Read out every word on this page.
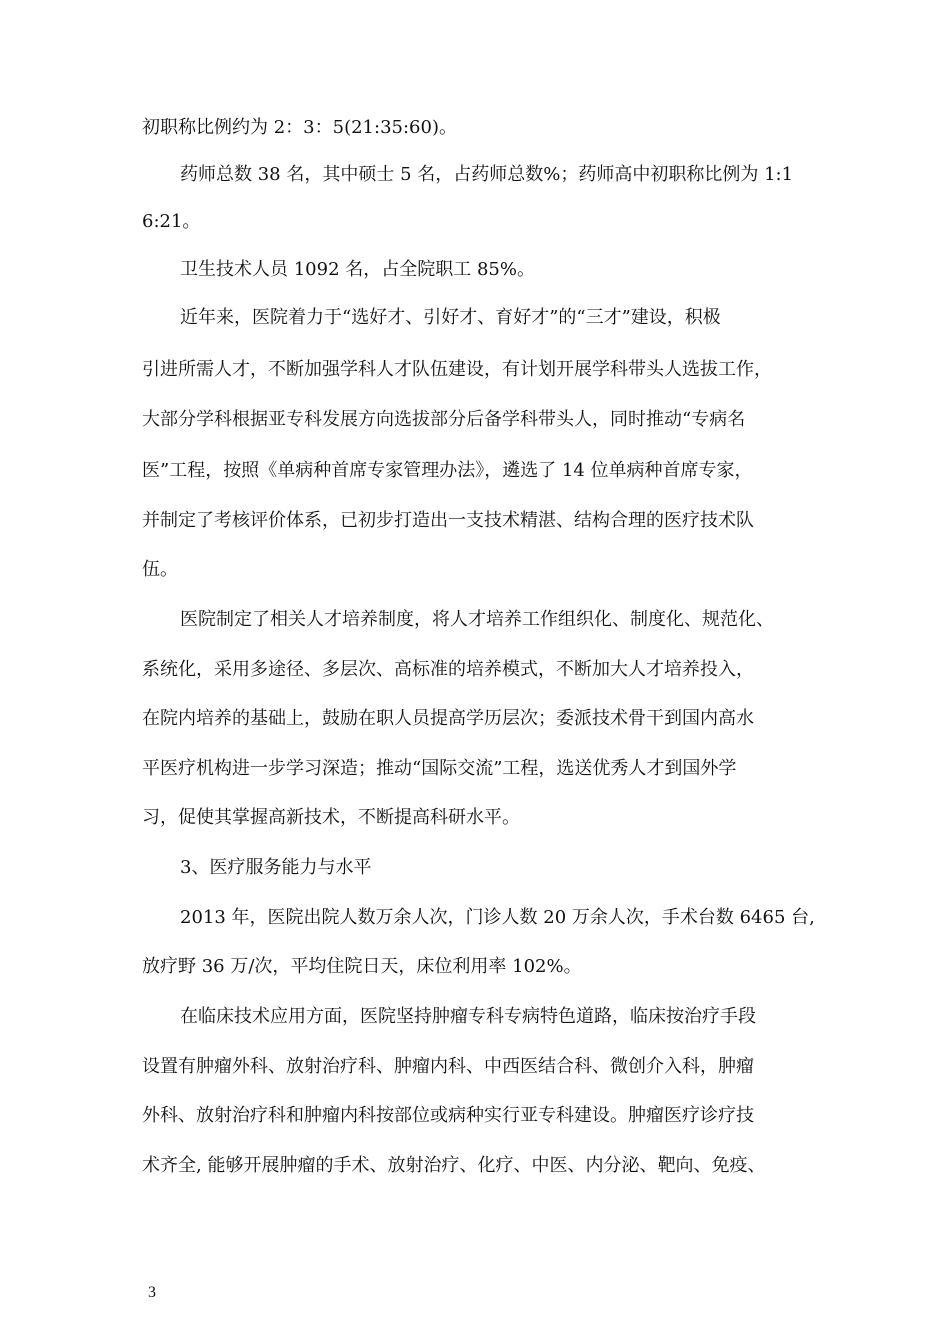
初职称比例约为 2：3：5(21:35:60)。
药师总数 38 名，其中硕士 5 名，占药师总数%；药师高中初职称比例为 1:1
6:21。
卫生技术人员 1092 名，占全院职工 85%。
近年来，医院着力于“选好才、引好才、育好才”的“三才”建设，积极
引进所需人才，不断加强学科人才队伍建设，有计划开展学科带头人选拔工作，
大部分学科根据亚专科发展方向选拔部分后备学科带头人，同时推动“专病名
医”工程，按照《单病种首席专家管理办法》，遴选了 14 位单病种首席专家，
并制定了考核评价体系，已初步打造出一支技术精湛、结构合理的医疗技术队
伍。
医院制定了相关人才培养制度，将人才培养工作组织化、制度化、规范化、
系统化，采用多途径、多层次、高标准的培养模式，不断加大人才培养投入，
在院内培养的基础上，鼓励在职人员提高学历层次；委派技术骨干到国内高水
平医疗机构进一步学习深造；推动“国际交流”工程，选送优秀人才到国外学
习，促使其掌握高新技术，不断提高科研水平。
3、医疗服务能力与水平
2013 年，医院出院人数万余人次，门诊人数 20 万余人次，手术台数 6465 台,
放疗野 36 万/次，平均住院日天，床位利用率 102%。
在临床技术应用方面，医院坚持肿瘤专科专病特色道路，临床按治疗手段
设置有肿瘤外科、放射治疗科、肿瘤内科、中西医结合科、微创介入科，肿瘤
外科、放射治疗科和肿瘤内科按部位或病种实行亚专科建设。肿瘤医疗诊疗技
术齐全, 能够开展肿瘤的手术、放射治疗、化疗、中医、内分泌、靶向、免疫、
3
